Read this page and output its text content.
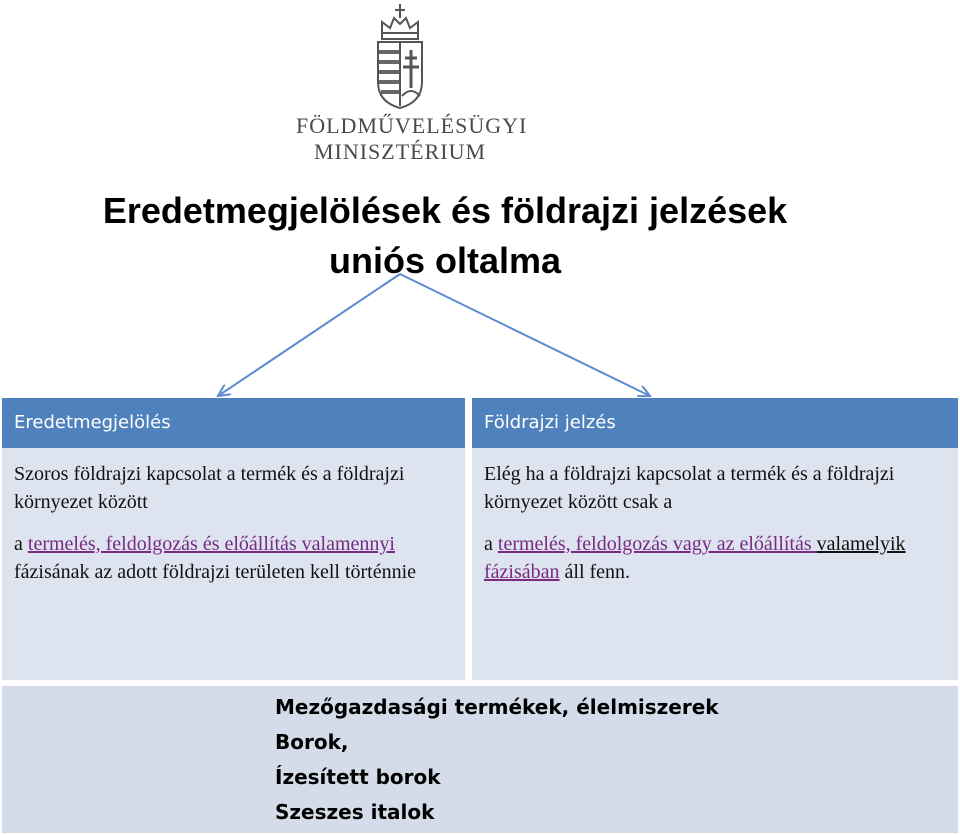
FÖLDMŰVELÉSÜGYI
MINISZTÉRIUM
Eredetmegjelölések és földrajzi jelzések
uniós oltalma
Eredetmegjelölés

Szoros földrajzi kapcsolat a termék és a földrajzi környezet között

a termelés, feldolgozás és előállítás valamennyi fázisának az adott földrajzi területen kell történnie

Földrajzi jelzés

Elég ha a földrajzi kapcsolat a termék és a földrajzi környezet között csak a

a termelés, feldolgozás vagy az előállítás valamelyik fázisában áll fenn.

Mezőgazdasági termékek, élelmiszerek
Borok,
Ízesített borok
Szeszes italok
